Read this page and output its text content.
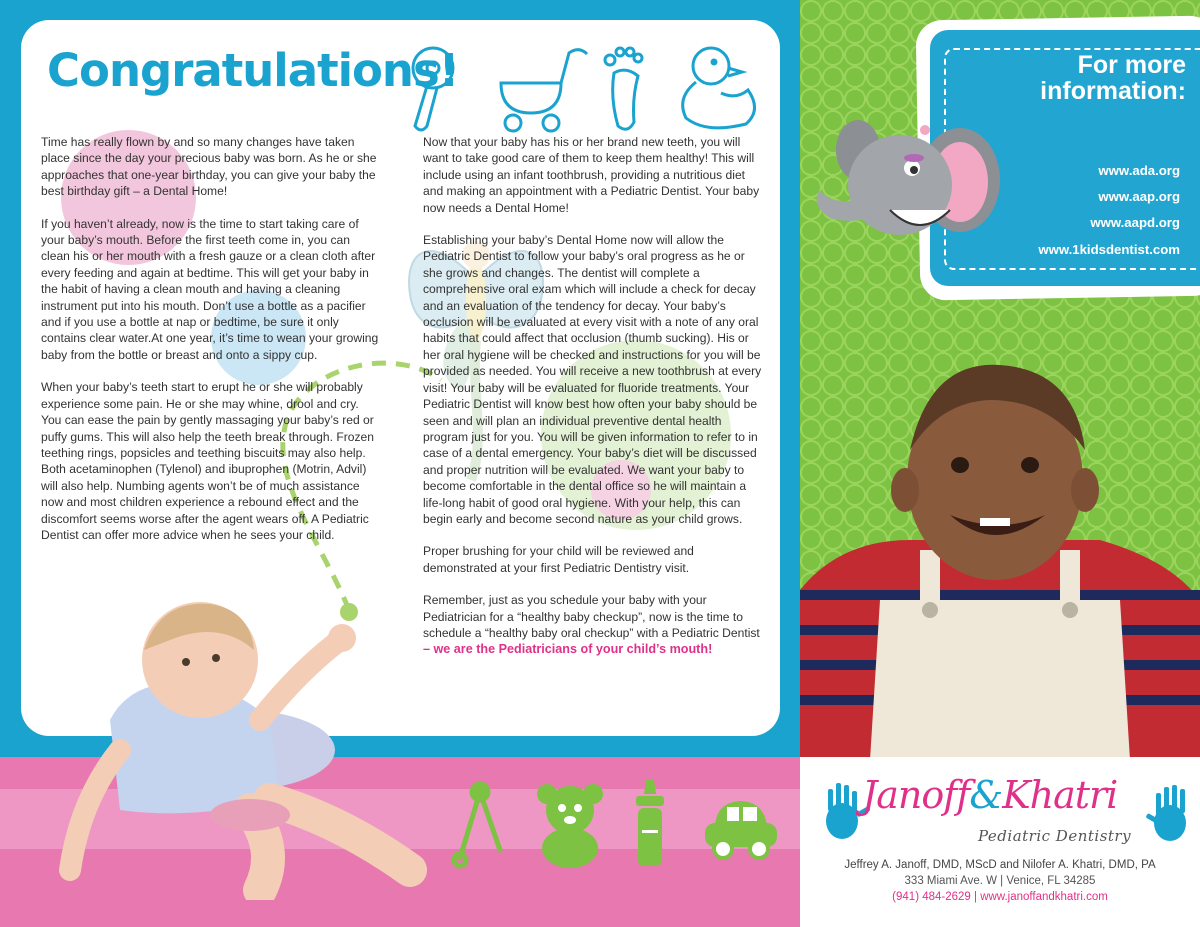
Congratulations!

Time has really flown by and so many changes have taken place since the day your precious baby was born. As he or she approaches that one-year birthday, you can give your baby the best birthday gift – a Dental Home!

If you haven’t already, now is the time to start taking care of your baby’s mouth. Before the first teeth come in, you can clean his or her mouth with a fresh gauze or a clean cloth after every feeding and again at bedtime. This will get your baby in the habit of having a clean mouth and having a cleaning instrument put into his mouth. Don’t use a bottle as a pacifier and if you use a bottle at nap or bedtime, be sure it only contains clear water.At one year, it’s time to wean your growing baby from the bottle or breast and onto a sippy cup.

When your baby’s teeth start to erupt he or she will probably experience some pain. He or she may whine, drool and cry. You can ease the pain by gently massaging your baby’s red or puffy gums. This will also help the teeth break through. Frozen teething rings, popsicles and teething biscuits may also help. Both acetaminophen (Tylenol) and ibuprophen (Motrin, Advil) will also help. Numbing agents won’t be of much assistance now and most children experience a rebound effect and the discomfort seems worse after the agent wears off. A Pediatric Dentist can offer more advice when he sees your child.

Now that your baby has his or her brand new teeth, you will want to take good care of them to keep them healthy! This will include using an infant toothbrush, providing a nutritious diet and making an appointment with a Pediatric Dentist. Your baby now needs a Dental Home!

Establishing your baby’s Dental Home now will allow the Pediatric Dentist to follow your baby’s oral progress as he or she grows and changes. The dentist will complete a comprehensive oral exam which will include a check for decay and an evaluation of the tendency for decay. Your baby’s occlusion will be evaluated at every visit with a note of any oral habits that could affect that occlusion (thumb sucking). His or her oral hygiene will be checked and instructions for you will be provided as needed. You will receive a new toothbrush at every visit! Your baby will be evaluated for fluoride treatments. Your Pediatric Dentist will know best how often your baby should be seen and will plan an individual preventive dental health program just for you. You will be given information to refer to in case of a dental emergency. Your baby’s diet will be discussed and proper nutrition will be evaluated. We want your baby to become comfortable in the dental office so he will maintain a life-long habit of good oral hygiene. With your help, this can begin early and become second nature as your child grows.

Proper brushing for your child will be reviewed and demonstrated at your first Pediatric Dentistry visit.

Remember, just as you schedule your baby with your Pediatrician for a “healthy baby checkup”, now is the time to schedule a “healthy baby oral checkup” with a Pediatric Dentist
– we are the Pediatricians of your child’s mouth!

For more information:
www.ada.org
www.aap.org
www.aapd.org
www.1kidsdentist.com
Janoff&Khatri
Pediatric Dentistry
Jeffrey A. Janoff, DMD, MScD and Nilofer A. Khatri, DMD, PA
333 Miami Ave. W | Venice, FL 34285
(941) 484-2629 | www.janoffandkhatri.com
